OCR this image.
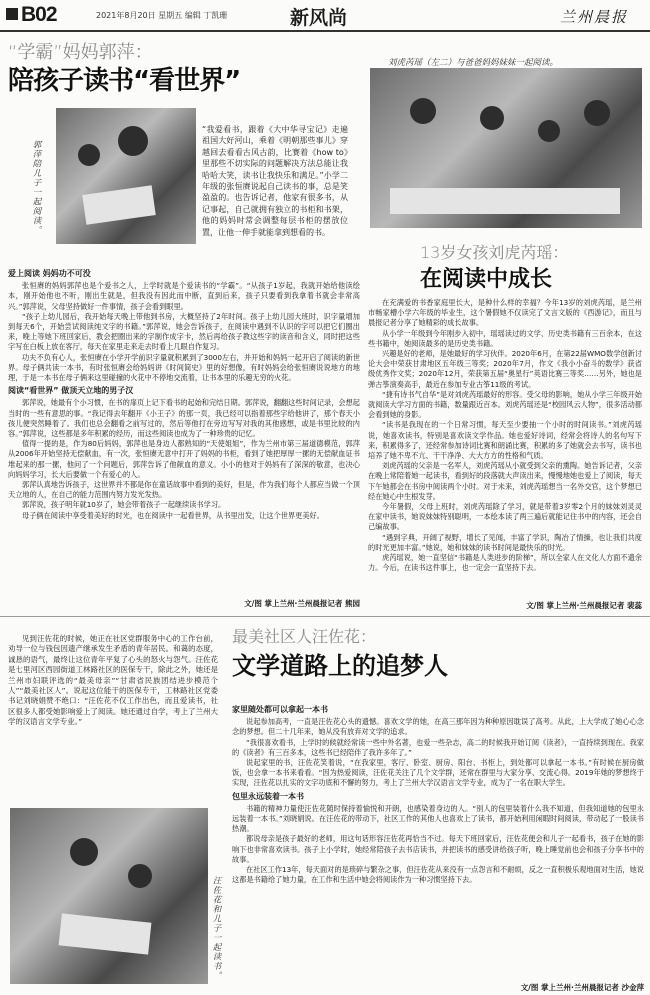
B02	2021年8月20日 星期五 编辑 丁凯珊	新风尚	兰州晨报
“学霸”妈妈郭萍：
陪孩子读书“看世界”
郭萍陪儿子一起阅读。
“我爱看书，跟着《大中华寻宝记》走遍祖国大好河山，乘着《明朝那些事儿》穿越回去看看古风古韵，比赛着《how to》里那些不切实际的问题解决方法总能让我哈哈大笑，读书让我快乐和满足。”小学二年级的张恒赓说起自己读书的事，总是笑盈盈的。也告诉记者，他家有很多书，从记事起，自己就拥有独立的书柜和书架，他的妈妈时常会调整每层书柜的摆放位置，让他一伸手就能拿到想看的书。
爱上阅读 妈妈功不可没

张恒赓的妈妈郭萍也是个爱书之人，上学时就是个爱读书的“学霸”。“从孩子1岁起，我就开始给他读绘本，刚开始他也不听，刚出生就是，但我没有因此而中断，直到后来，孩子只要看到我拿着书就会非常高兴。”郭萍说，父母坚持做好一件事情，孩子会看到眼里。

“孩子上幼儿园后，我开始每天晚上带他到书房，大概坚持了2年时间。孩子上幼儿园大班时，识字量增加到每天6个，开始尝试阅读纯文字的书籍。”郭萍说，她会告诉孩子，在阅读中遇到不认识的字可以把它们圈出来，晚上等她下班回家后，教会把圈出来的字制作成字卡，然后再给孩子教这些字的读音和含义，同时把这些字写在白板上放在客厅，每天在家里走来走去时看上几眼自作复习。

功夫不负有心人，张恒赓在小学开学前识字量就积累到了3000左右，并开始和妈妈一起开启了阅读的新世界。母子俩共读一本书，有时张恒赓会给妈妈讲《时间简史》里的好想像，有时妈妈会给张恒赓说说地方的地理，于是一本书在母子俩来这里碰撞的火花中不停地交流着，让书本里的乐趣无穷的火花。

阅读“看世界” 做顶天立地的男子汉

郭萍说，她最有个小习惯，在书的扉页上记下看书的起始和完结日期。郭萍说，翻翻这些时间记录，会想起当时的一些有意思的事。“我记得去年翻开《小王子》的那一页，我已经可以指着那些字给他讲了，那个春天小孩儿便突然睡着了。我们也总会翻看之前写过的，然后等他打在旁边写写对我的其他感想，或是书里比较的内容。”郭萍说，这些都是多年积累的经历，而这些阅读也成为了一种珍贵的记忆。

值得一提的是，作为80后妈妈，郭萍也是身边人都熟知的“天使姐姐”，作为兰州市第三届道德模范，郭萍从2006年开始坚持无偿献血，有一次，张恒赓无意中打开了妈妈的书柜，看到了她把厚厚一摞的无偿献血证书堆起来的那一摞，他问了一个问题后，郭萍告诉了他献血的意义。小小的他对于妈妈有了深深的敬意，也决心向妈妈学习，长大后要做一个有爱心的人。

郭萍认真地告诉孩子，这世界并不都是你在童话故事中看到的美好，但是，作为我们每个人都应当做一个顶天立地的人，在自己的能力范围内努力发光发热。

郭萍说，孩子明年就10岁了，她会带着孩子一起继续读书学习。

母子俩在阅读中享受着美好的时光，也在阅读中一起看世界，从书里出发，让这个世界更美好。

文/图 掌上兰州·兰州晨报记者 熊园
刘虎芮瑶（左二）与爸爸妈妈妹妹一起阅读。
13岁女孩刘虎芮瑶：
在阅读中成长

在充满爱的书香家庭里长大，是种什么样的幸福？今年13岁的刘虎芮瑶，是兰州市畅家槽小学六年级的毕业生，这个暑假她不仅读完了文言文版的《西游记》，而且与晨报记者分享了她精彩的成长故事。

从小学一年级到今年刚步入初中，瑶瑶读过的文学、历史类书籍有三百余本，在这些书籍中，她阅读最多的是历史类书籍。

兴趣是好的老师，是她最好的学习伙伴。2020年6月，在第22届WMO数学创新讨论大会中荣获甘肃地区五年级三等奖；2020年7月，作文《我小小奋斗的数学》获省级优秀作文奖；2020年12月，荣获第五届“奥星行”英语比赛三等奖……另外，她也是弹古筝演奏高手，最近在参加专业古筝11级的考试。

“捷有诗书气自华”是对刘虎芮瑶最好的形容。受父母的影响，她从小学三年级开始就阅读大学习方面的书籍，数量跟近百本。刘虎芮瑶还是“校园风云人物”，很多活动都会看到她的身影。

“读书是我现在的一个日常习惯，每天至少要抽一个小时的时间读书。”刘虎芮瑶说，她喜欢读书，特别是喜欢读文学作品。她也爱好诗词，经常会将诗人的名句写下来，积累得多了，还经常参加诗词比赛和朗诵比赛，积累的多了她就会去书写，读书也培养了她不卑不亢、干干净净、大大方方的性格和气质。

刘虎芮瑶的父亲是一名军人，刘虎芮瑶从小就受到父亲的熏陶。她告诉记者，父亲在晚上常陪着她一起读书，看到好的段落就大声读出来，慢慢地她也爱上了阅读，每天下午她都会在书房中阅读两个小时。对于未来，刘虎芮瑶想当一名外交官，这个梦想已经在她心中生根发芽。

今年暑假，父母上班时，刘虎芮瑶除了学习，就是带着3岁零2个月的妹妹刘灵灵在家中读书，她说妹妹特别聪明，一本绘本读了两三遍后就能记住书中的内容，还会自己编故事。

“遇到字典，开阔了视野，增长了见闻，丰富了学识，陶冶了情操，也让我们共度的时光更加丰富。”她说，她和妹妹的读书时间是最快乐的时光。

虎芮瑶说，她一直坚信“书籍是人类进步的阶梯”，所以全家人在文化人方面不遗余力。今后，在读书这件事上，也一定会一直坚持下去。

文/图 掌上兰州·兰州晨报记者 裴蕊

见到汪佐花的时候，她正在社区党群服务中心的工作台前，劝导一位与钱包因遗产继承发生矛盾的青年居民。和蔼的态度，诚恳的语气，最终让这位青年平复了心头的怒火与怨气。汪佐花是七里河区西园街道工林路社区的医保专干，除此之外，她还是兰州市妇联评选的“最美母亲”“甘肃省民族团结进步模范个人”“最美社区人”。说起这位能干的医保专干，工林路社区党委书记刘晓娟赞不绝口：“汪佐花不仅工作出色，而且爱读书，社区很多人都受她影响爱上了阅读。她还通过自学，考上了兰州大学的汉语言文学专业。”

汪佐花和儿子一起读书。
最美社区人汪佐花：
文学道路上的追梦人
家里随处都可以拿起一本书

说起参加高考，一直是汪佐花心头的遗憾。喜欢文学的她，在高三那年因为种种原因耽误了高考。从此，上大学成了她心心念念的梦想。但二十几年来，她从没有放弃对文学的追求。

“我很喜欢看书，上学时的候就经常读一些中外名著，也爱一些杂志，高二的时候我开始订阅《读者》，一直持续到现在。我家的《读者》有三百多本，这些书已经陪伴了我许多年了。”

说起家里的书，汪佐花笑着说，“在我家里，客厅、卧室、厨房、阳台、书柜上，到处都可以拿起一本书。”有时候在厨房做饭，也会拿一本书来看看。“因为热爱阅读，汪佐花关注了几个文学群，还常在群里与大家分享、交流心得。2019年她的梦想终于实现，汪佐花以扎实的文字功底和不懈的努力，考上了兰州大学汉语言文学专业，成为了一名在职大学生。

包里永远装着一本书

书籍的精神力量使汪佐花随时保持着愉悦和开朗，也感染着身边的人。“别人的包里装着什么我不知道，但我知道她的包里永远装着一本书。”刘晓娟说。在汪佐花的带动下，社区工作的其他人也喜欢上了读书，都开始利用闲暇时间阅读，带动起了一股读书热潮。

都说母亲是孩子最好的老师，用这句话形容汪佐花再恰当不过。每天下班回家后，汪佐花便会和儿子一起看书，孩子在她的影响下也非常喜欢读书。孩子上小学时，她经常陪孩子去书店读书，并把读书的感受讲给孩子听，晚上睡觉前也会和孩子分享书中的故事。

在社区工作13年，每天面对的是琐碎与繁杂之事，但汪佐花从来没有一点怨言和不耐烦，反之一直积极乐观地面对生活，她说这都是书籍给了她力量，在工作和生活中她会将阅读作为一种习惯坚持下去。

文/图 掌上兰州·兰州晨报记者 沙金萍
